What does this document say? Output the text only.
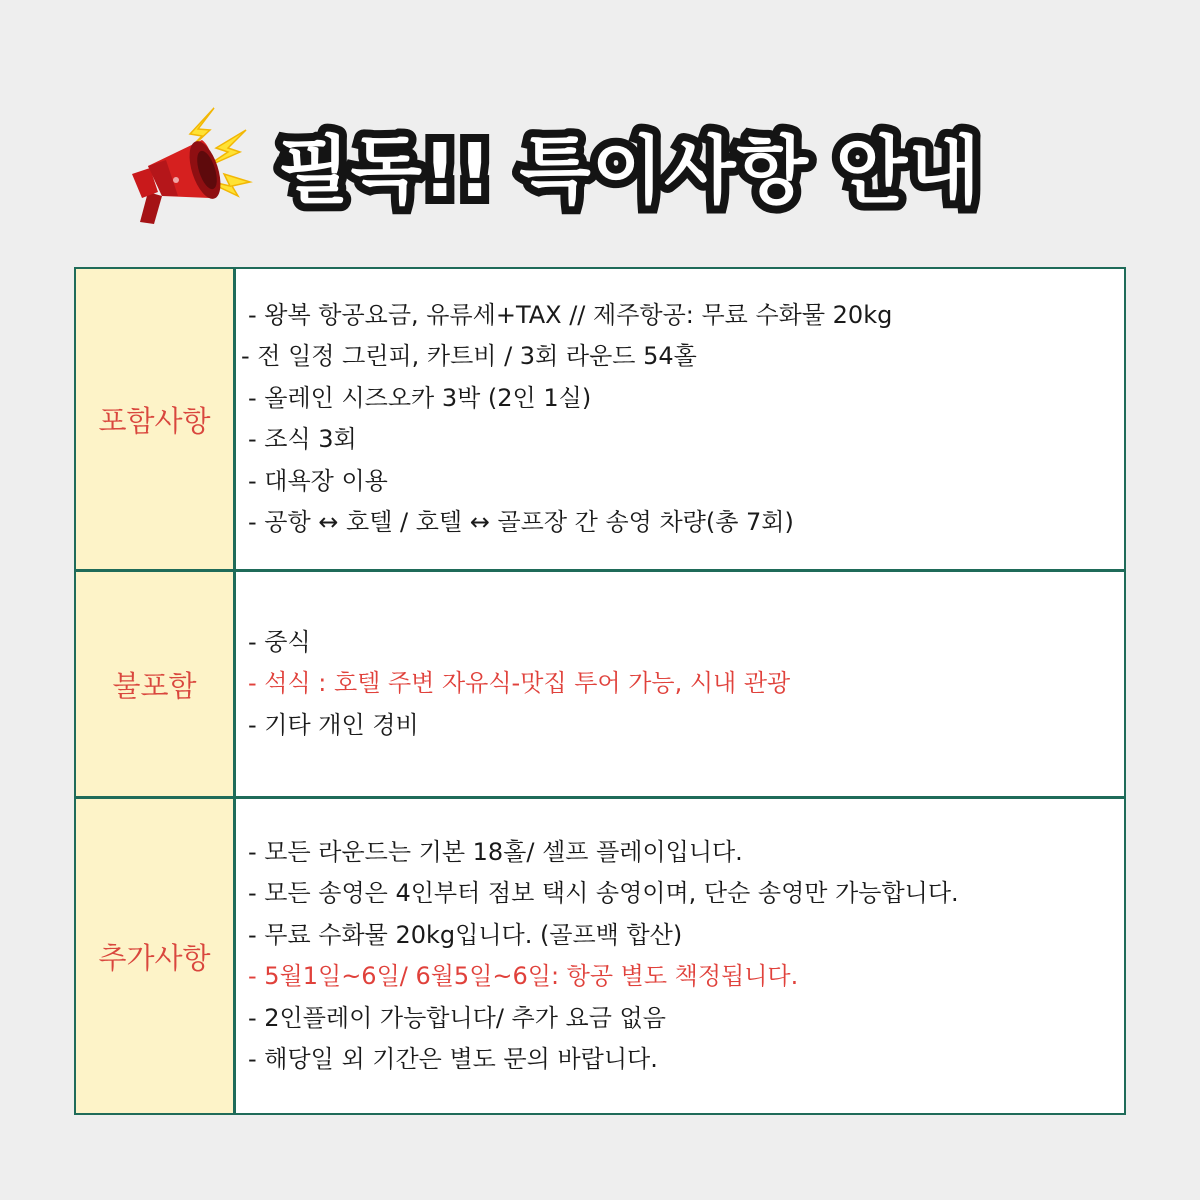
필독!! 특이사항 안내
포함사항
- 왕복 항공요금, 유류세+TAX // 제주항공: 무료 수화물 20kg
- 전 일정 그린피, 카트비 / 3회 라운드 54홀
- 올레인 시즈오카 3박 (2인 1실)
- 조식 3회
- 대욕장 이용
- 공항 ↔ 호텔 / 호텔 ↔ 골프장 간 송영 차량(총 7회)
불포함
- 중식
- 석식 : 호텔 주변 자유식-맛집 투어 가능, 시내 관광
- 기타 개인 경비
추가사항
- 모든 라운드는 기본 18홀/ 셀프 플레이입니다.
- 모든 송영은 4인부터 점보 택시 송영이며, 단순 송영만 가능합니다.
- 무료 수화물 20kg입니다. (골프백 합산)
- 5월1일~6일/ 6월5일~6일: 항공 별도 책정됩니다.
- 2인플레이 가능합니다/ 추가 요금 없음
- 해당일 외 기간은 별도 문의 바랍니다.
